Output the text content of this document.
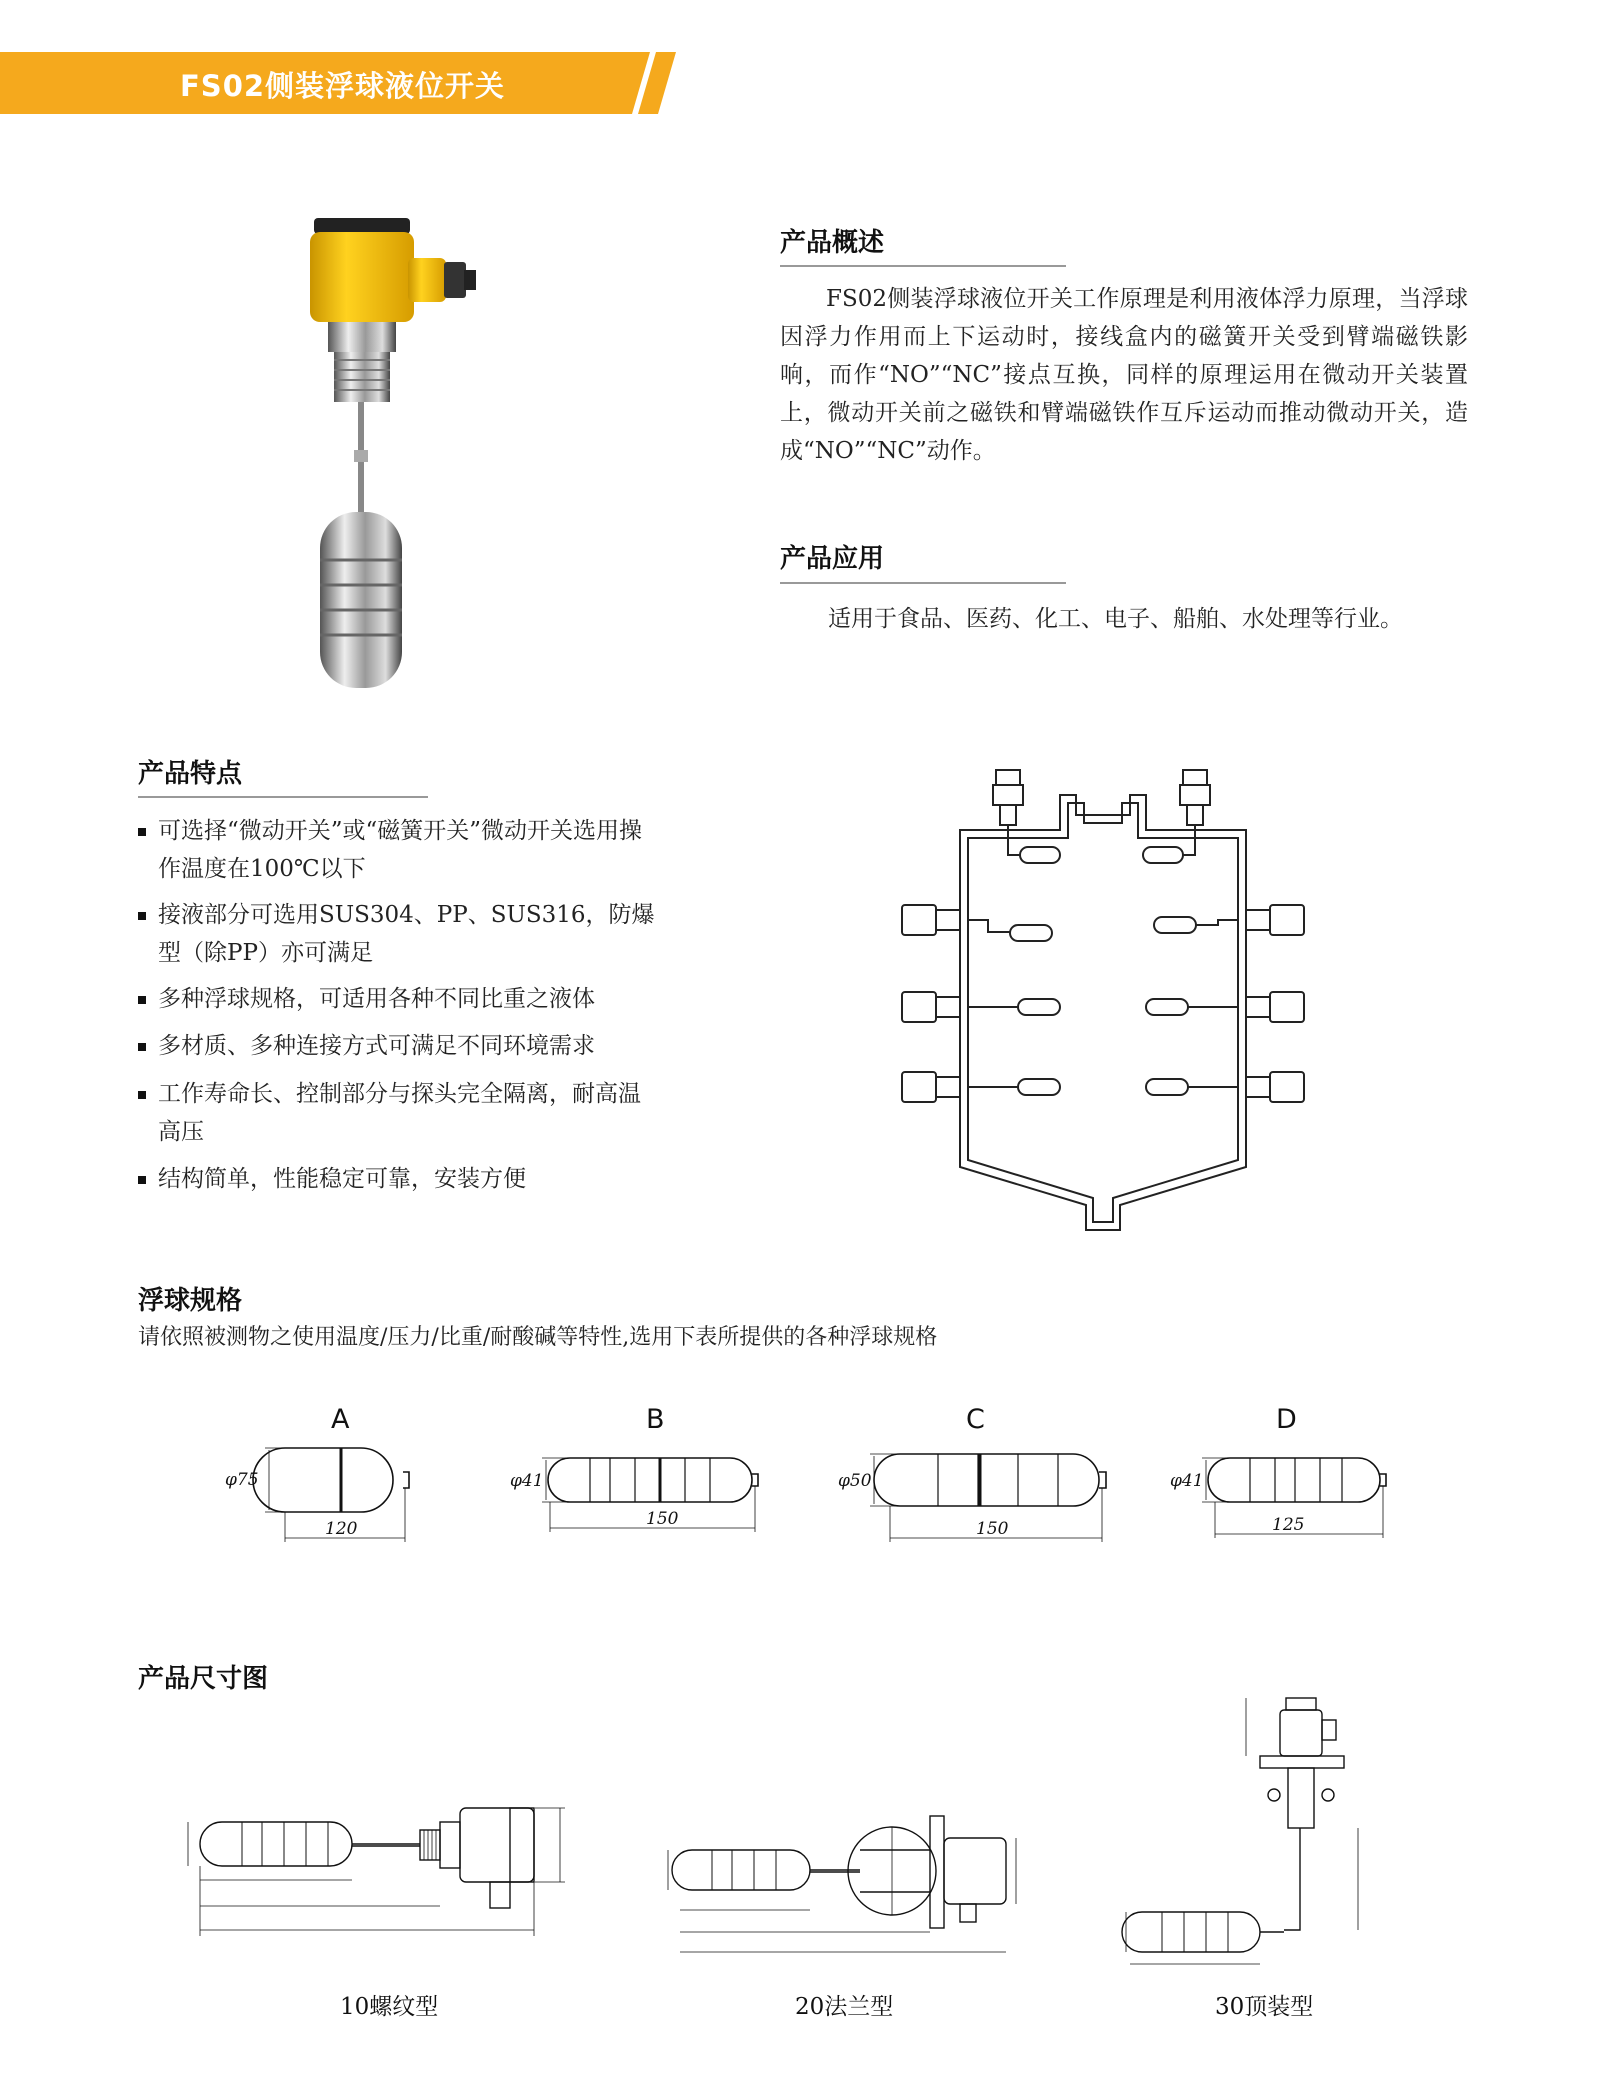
FS02侧装浮球液位开关
产品概述
FS02侧装浮球液位开关工作原理是利用液体浮力原理，当浮球因浮力作用而上下运动时，接线盒内的磁簧开关受到臂端磁铁影响，而作“NO”“NC”接点互换，同样的原理运用在微动开关装置上，微动开关前之磁铁和臂端磁铁作互斥运动而推动微动开关，造成“NO”“NC”动作。
产品应用
适用于食品、医药、化工、电子、船舶、水处理等行业。
产品特点
可选择“微动开关”或“磁簧开关”微动开关选用操作温度在100℃以下
接液部分可选用SUS304、PP、SUS316，防爆型（除PP）亦可满足
多种浮球规格，可适用各种不同比重之液体
多材质、多种连接方式可满足不同环境需求
工作寿命长、控制部分与探头完全隔离，耐高温高压
结构简单，性能稳定可靠，安装方便
浮球规格
请依照被测物之使用温度/压力/比重/耐酸碱等特性,选用下表所提供的各种浮球规格
A
φ75
120
B
φ41
150
C
φ50
150
D
φ41
125
产品尺寸图
φ41	φ70
125	1-1/2"PT 30
235 (Max.600)
340	M20*1.5
10螺纹型
法兰 1-1/2"x5kg/cm²
φ95
4-φ15
φ41
φ120	φ70
52
125
235 (Max.600)
320	12	M20*1.5
20法兰型
φ70
M20*1.5
70
12
φ130
2"x5kg/cm²	52
φ105
4-φ15
Y
φ41
125
X
30顶装型
